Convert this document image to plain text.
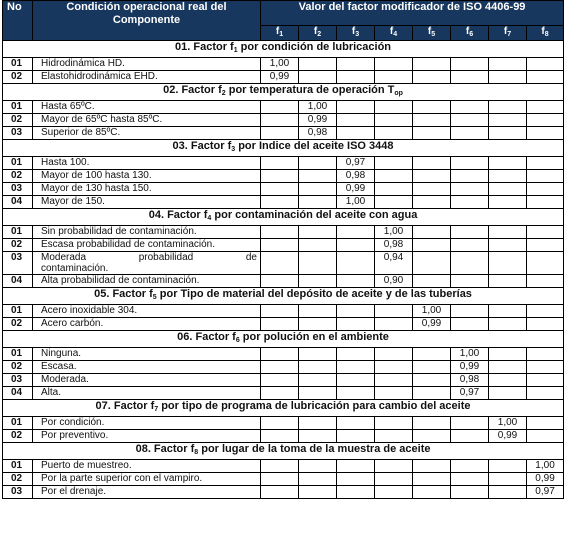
No	Condición operacional real del Componente	Valor del factor modificador de ISO 4406-99							
		$f_1$	$f_2$	$f_3$	$f_4$	$f_5$	$f_6$	$f_7$	$f_8$
01. Factor $f_1$ por condición de lubricación									
01	Hidrodinámica HD.	1,00							
02	Elastohidrodinámica EHD.	0,99							
02. Factor $f_2$ por temperatura de operación $T_{op}$
01	Hasta 65ºC.		1,00						
02	Mayor de 65ºC hasta 85ºC.		0,99						
03	Superior de 85ºC.		0,98						
03. Factor $f_3$ por Indice del aceite ISO 3448									
01	Hasta 100.			0,97					
02	Mayor de 100 hasta 130.			0,98					
03	Mayor de 130 hasta 150.			0,99					
04	Mayor de 150.			1,00					
04. Factor $f_4$ por contaminación del aceite con agua									
01	Sin probabilidad de contaminación.				1,00				
02	Escasa probabilidad de contaminación.				0,98				
03	Moderada probabilidad de
contaminación.				0,94				
04	Alta probabilidad de contaminación.				0,90				
05. Factor $f_5$ por Tipo de material del depósito de aceite y de las tuberías									
01	Acero inoxidable 304.					1,00			
02	Acero carbón.					0,99			
06. Factor $f_6$ por polución en el ambiente									
01	Ninguna.						1,00		
02	Escasa.						0,99		
03	Moderada.						0,98		
04	Alta.						0,97		
07. Factor $f_7$ por tipo de programa de lubricación para cambio del aceite									
01	Por condición.							1,00	
02	Por preventivo.							0,99	
08. Factor $f_8$ por lugar de la toma de la muestra de aceite									
01	Puerto de muestreo.								1,00
02	Por la parte superior con el vampiro.								0,99
03	Por el drenaje.								0,97
